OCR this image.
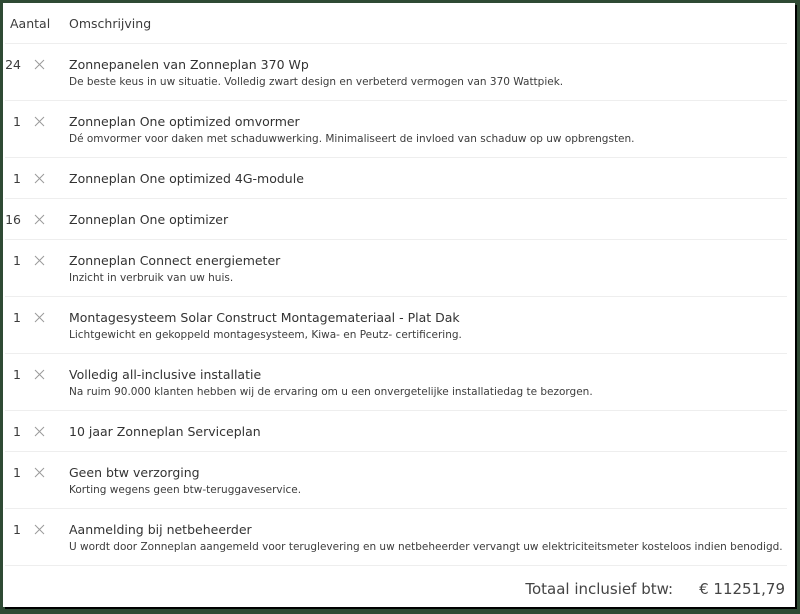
Aantal	Omschrijving
24	Zonnepanelen van Zonneplan 370 Wp
De beste keus in uw situatie. Volledig zwart design en verbeterd vermogen van 370 Wattpiek.
1	Zonneplan One optimized omvormer
Dé omvormer voor daken met schaduwwerking. Minimaliseert de invloed van schaduw op uw opbrengsten.
1	Zonneplan One optimized 4G-module
16	Zonneplan One optimizer
1	Zonneplan Connect energiemeter
Inzicht in verbruik van uw huis.
1	Montagesysteem Solar Construct Montagemateriaal - Plat Dak
Lichtgewicht en gekoppeld montagesysteem, Kiwa- en Peutz- certificering.
1	Volledig all-inclusive installatie
Na ruim 90.000 klanten hebben wij de ervaring om u een onvergetelijke installatiedag te bezorgen.
1	10 jaar Zonneplan Serviceplan
1	Geen btw verzorging
Korting wegens geen btw-teruggaveservice.
1	Aanmelding bij netbeheerder
U wordt door Zonneplan aangemeld voor teruglevering en uw netbeheerder vervangt uw elektriciteitsmeter kosteloos indien benodigd.
Totaal inclusief btw: € 11251,79
